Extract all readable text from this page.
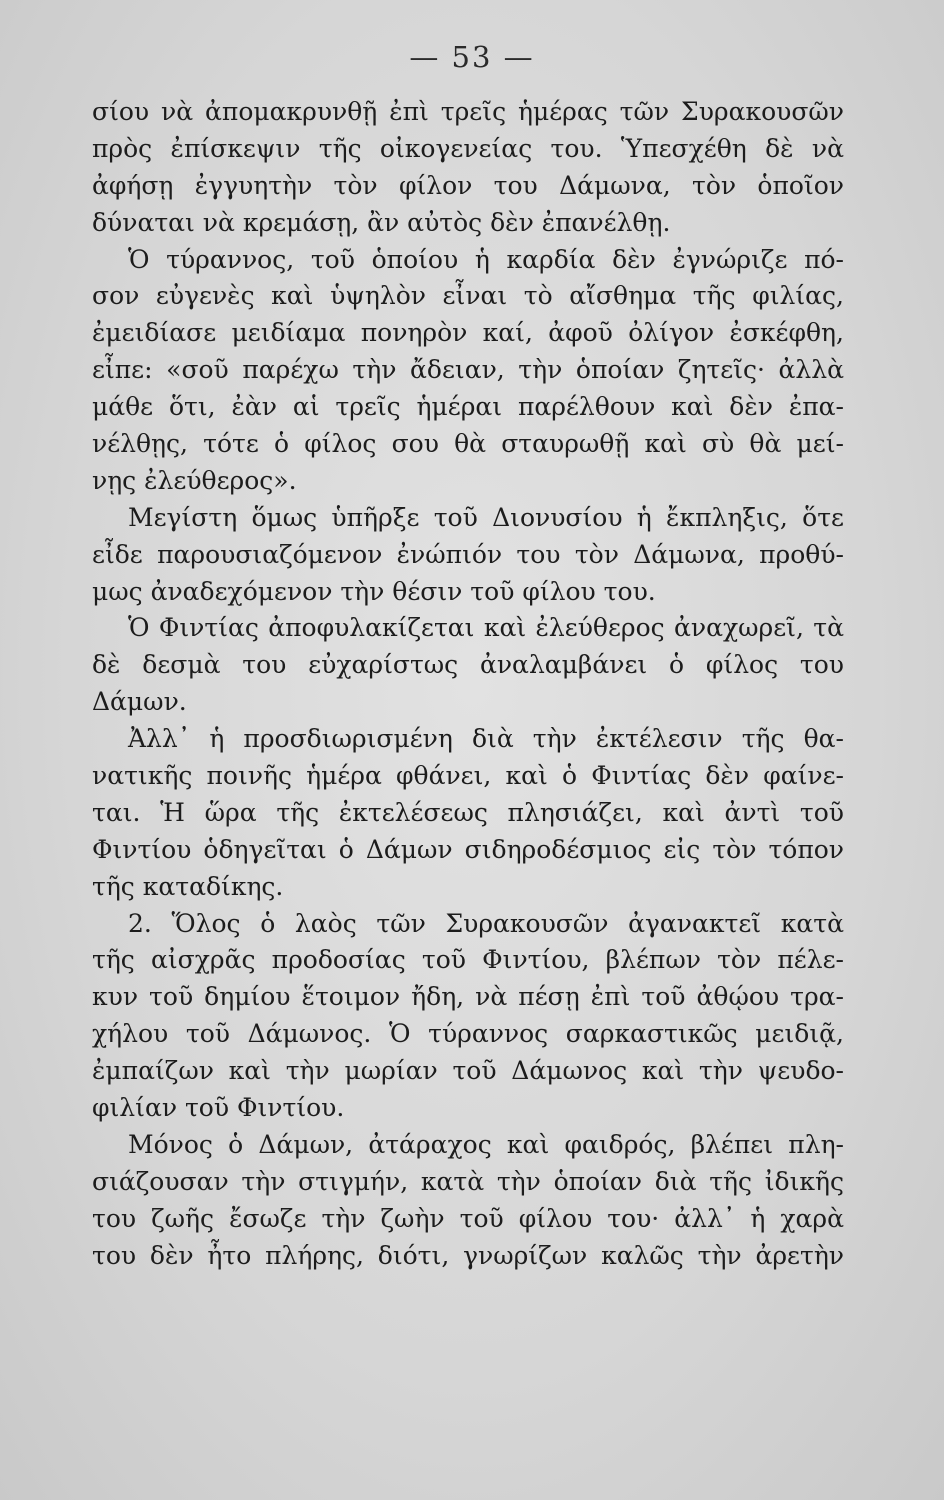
— 53 —
σίου νὰ ἀπομακρυνθῇ ἐπὶ τρεῖς ἡμέρας τῶν Συρακουσῶν
πρὸς ἐπίσκεψιν τῆς οἰκογενείας του. Ὑπεσχέθη δὲ νὰ
ἀφήσῃ ἐγγυητὴν τὸν φίλον του Δάμωνα, τὸν ὁποῖον
δύναται νὰ κρεμάσῃ, ἂν αὐτὸς δὲν ἐπανέλθῃ.
Ὁ τύραννος, τοῦ ὁποίου ἡ καρδία δὲν ἐγνώριζε πό-
σον εὐγενὲς καὶ ὑψηλὸν εἶναι τὸ αἴσθημα τῆς φιλίας,
ἐμειδίασε μειδίαμα πονηρὸν καί, ἀφοῦ ὀλίγον ἐσκέφθη,
εἶπε: «σοῦ παρέχω τὴν ἄδειαν, τὴν ὁποίαν ζητεῖς· ἀλλὰ
μάθε ὅτι, ἐὰν αἱ τρεῖς ἡμέραι παρέλθουν καὶ δὲν ἐπα-
νέλθῃς, τότε ὁ φίλος σου θὰ σταυρωθῇ καὶ σὺ θὰ μεί-
νῃς ἐλεύθερος».
Μεγίστη ὅμως ὑπῆρξε τοῦ Διονυσίου ἡ ἔκπληξις, ὅτε
εἶδε παρουσιαζόμενον ἐνώπιόν του τὸν Δάμωνα, προθύ-
μως ἀναδεχόμενον τὴν θέσιν τοῦ φίλου του.
Ὁ Φιντίας ἀποφυλακίζεται καὶ ἐλεύθερος ἀναχωρεῖ, τὰ
δὲ δεσμὰ του εὐχαρίστως ἀναλαμβάνει ὁ φίλος του
Δάμων.
Ἀλλ᾽ ἡ προσδιωρισμένη διὰ τὴν ἐκτέλεσιν τῆς θα-
νατικῆς ποινῆς ἡμέρα φθάνει, καὶ ὁ Φιντίας δὲν φαίνε-
ται. Ἡ ὥρα τῆς ἐκτελέσεως πλησιάζει, καὶ ἀντὶ τοῦ
Φιντίου ὁδηγεῖται ὁ Δάμων σιδηροδέσμιος εἰς τὸν τόπον
τῆς καταδίκης.
2. Ὅλος ὁ λαὸς τῶν Συρακουσῶν ἀγανακτεῖ κατὰ
τῆς αἰσχρᾶς προδοσίας τοῦ Φιντίου, βλέπων τὸν πέλε-
κυν τοῦ δημίου ἕτοιμον ἤδη, νὰ πέσῃ ἐπὶ τοῦ ἀθῴου τρα-
χήλου τοῦ Δάμωνος. Ὁ τύραννος σαρκαστικῶς μειδιᾷ,
ἐμπαίζων καὶ τὴν μωρίαν τοῦ Δάμωνος καὶ τὴν ψευδο-
φιλίαν τοῦ Φιντίου.
Μόνος ὁ Δάμων, ἀτάραχος καὶ φαιδρός, βλέπει πλη-
σιάζουσαν τὴν στιγμήν, κατὰ τὴν ὁποίαν διὰ τῆς ἰδικῆς
του ζωῆς ἔσωζε τὴν ζωὴν τοῦ φίλου του· ἀλλ᾽ ἡ χαρὰ
του δὲν ἦτο πλήρης, διότι, γνωρίζων καλῶς τὴν ἀρετὴν
